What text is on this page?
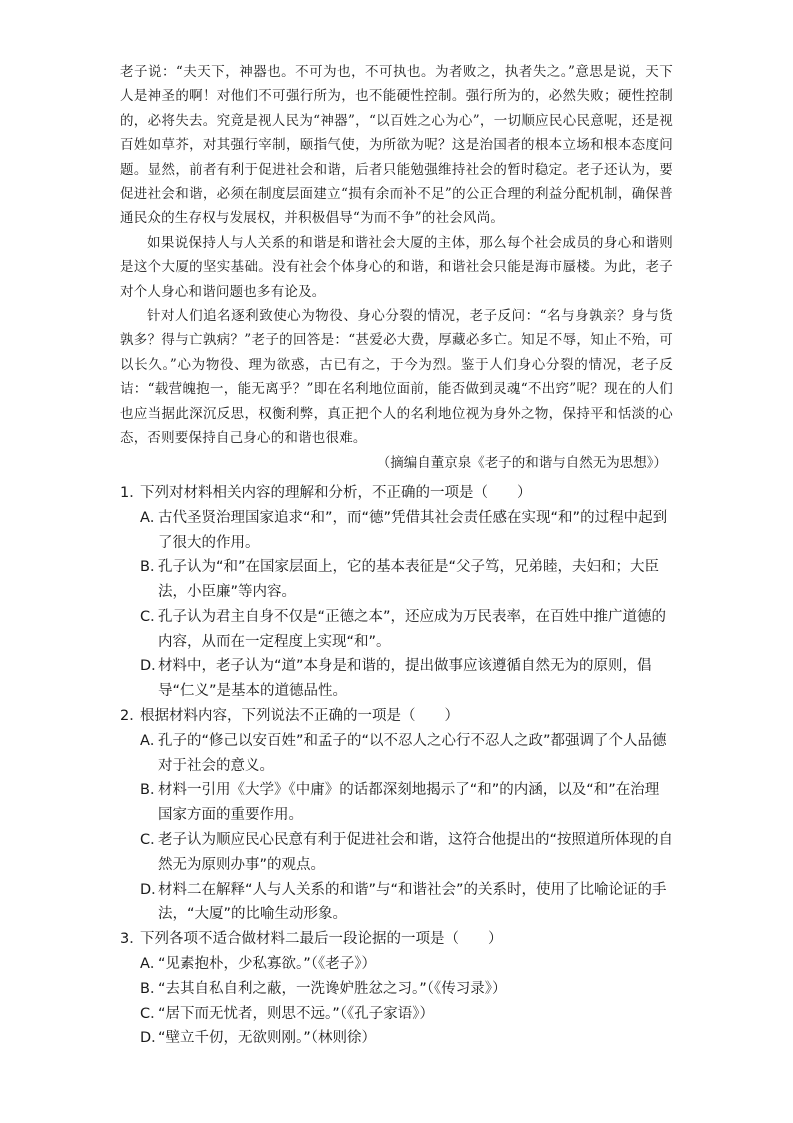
老子说：“夫天下，神器也。不可为也，不可执也。为者败之，执者失之。”意思是说，天下人是神圣的啊！对他们不可强行所为，也不能硬性控制。强行所为的，必然失败；硬性控制的，必将失去。究竟是视人民为“神器”，“以百姓之心为心”，一切顺应民心民意呢，还是视百姓如草芥，对其强行宰制，颐指气使，为所欲为呢？这是治国者的根本立场和根本态度问题。显然，前者有利于促进社会和谐，后者只能勉强维持社会的暂时稳定。老子还认为，要促进社会和谐，必须在制度层面建立“损有余而补不足”的公正合理的利益分配机制，确保普通民众的生存权与发展权，并积极倡导“为而不争”的社会风尚。

如果说保持人与人关系的和谐是和谐社会大厦的主体，那么每个社会成员的身心和谐则是这个大厦的坚实基础。没有社会个体身心的和谐，和谐社会只能是海市蜃楼。为此，老子对个人身心和谐问题也多有论及。

针对人们追名逐利致使心为物役、身心分裂的情况，老子反问：“名与身孰亲？身与货孰多？得与亡孰病？”老子的回答是：“甚爱必大费，厚藏必多亡。知足不辱，知止不殆，可以长久。”心为物役、理为欲惑，古已有之，于今为烈。鉴于人们身心分裂的情况，老子反诘：“载营魄抱一，能无离乎？”即在名利地位面前，能否做到灵魂“不出窍”呢？现在的人们也应当据此深沉反思，权衡利弊，真正把个人的名利地位视为身外之物，保持平和恬淡的心态，否则要保持自己身心的和谐也很难。

（摘编自董京泉《老子的和谐与自然无为思想》）
1．
下列对材料相关内容的理解和分析，不正确的一项是（　　）
A．
古代圣贤治理国家追求“和”，而“德”凭借其社会责任感在实现“和”的过程中起到了很大的作用。
B．
孔子认为“和”在国家层面上，它的基本表征是“父子笃，兄弟睦，夫妇和；大臣法，小臣廉”等内容。
C．
孔子认为君主自身不仅是“正德之本”，还应成为万民表率，在百姓中推广道德的内容，从而在一定程度上实现“和”。
D．
材料中，老子认为“道”本身是和谐的，提出做事应该遵循自然无为的原则，倡导“仁义”是基本的道德品性。
2．
根据材料内容，下列说法不正确的一项是（　　）
A．
孔子的“修己以安百姓”和孟子的“以不忍人之心行不忍人之政”都强调了个人品德对于社会的意义。
B．
材料一引用《大学》《中庸》的话都深刻地揭示了“和”的内涵，以及“和”在治理国家方面的重要作用。
C．
老子认为顺应民心民意有利于促进社会和谐，这符合他提出的“按照道所体现的自然无为原则办事”的观点。
D．
材料二在解释“人与人关系的和谐”与“和谐社会”的关系时，使用了比喻论证的手法，“大厦”的比喻生动形象。
3．
下列各项不适合做材料二最后一段论据的一项是（　　）
A．
“见素抱朴，少私寡欲。”（《老子》）
B．
“去其自私自利之蔽，一洗谗妒胜忿之习。”（《传习录》）
C．
“居下而无忧者，则思不远。”（《孔子家语》）
D．
“壁立千仞，无欲则刚。”（林则徐）
